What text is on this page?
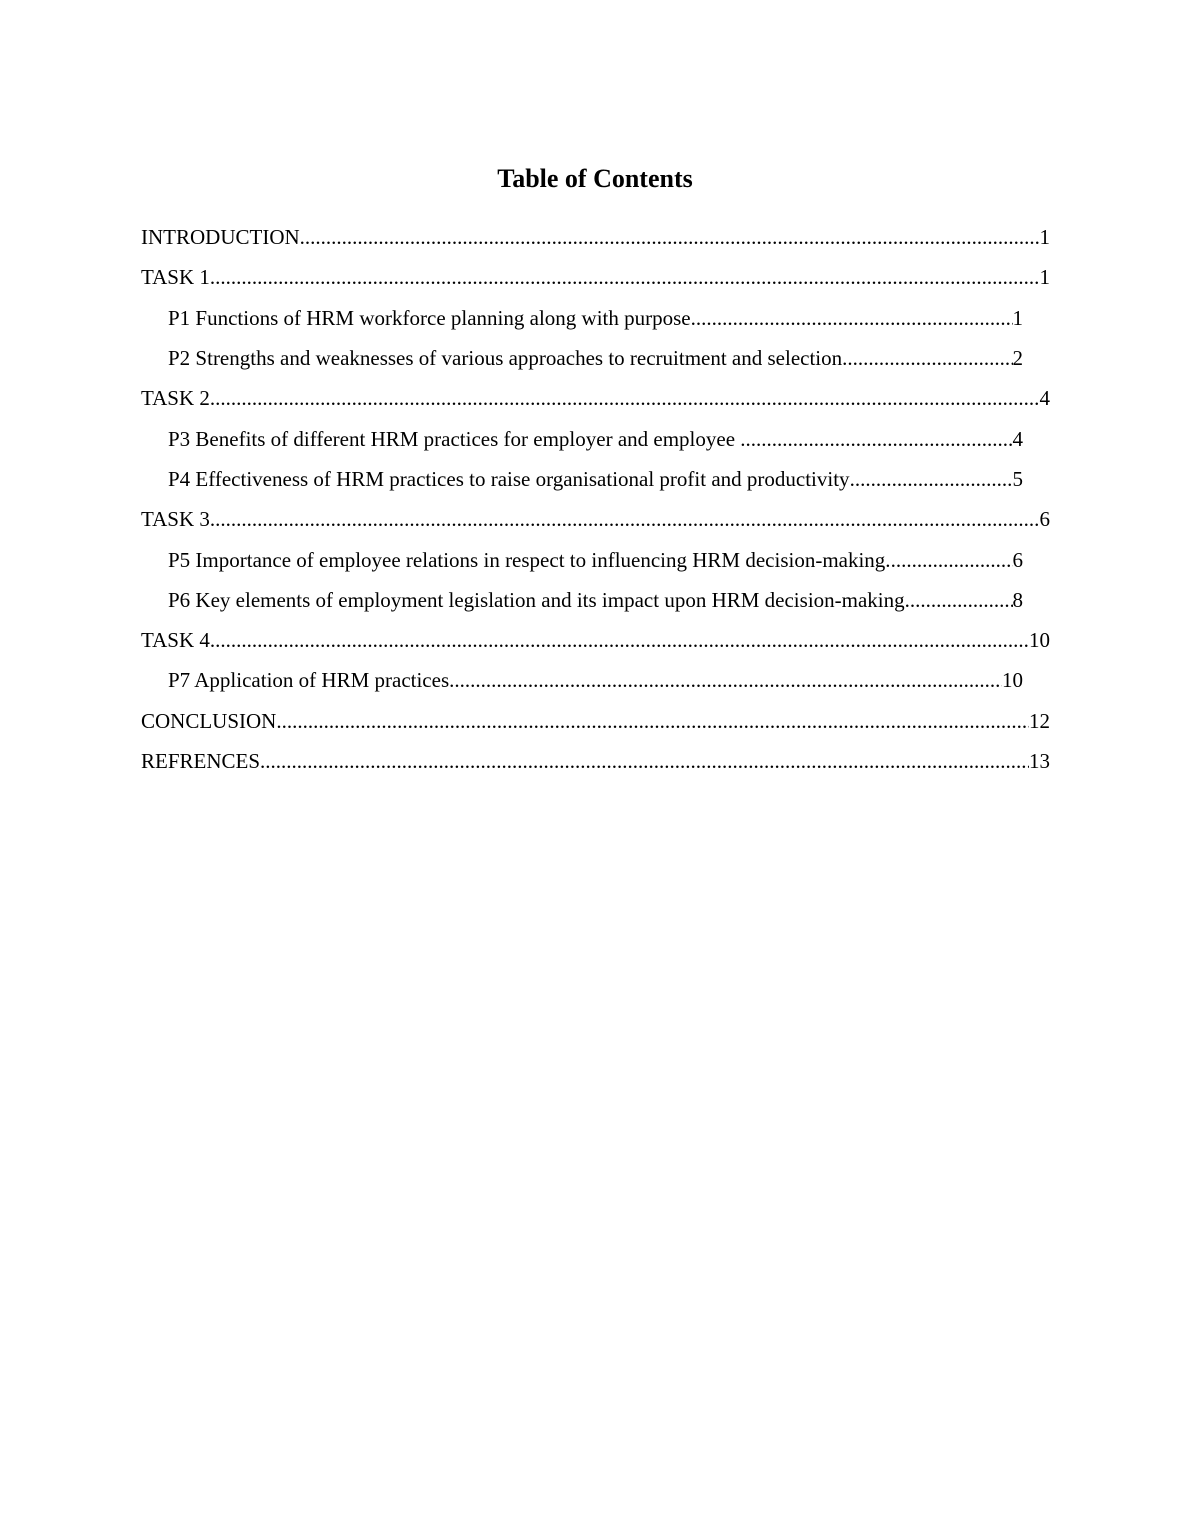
Table of Contents
INTRODUCTION .....	1
TASK 1 .....	1
P1 Functions of HRM workforce planning along with purpose .....	1
P2 Strengths and weaknesses of various approaches to recruitment and selection .....	2
TASK 2 .....	4
P3 Benefits of different HRM practices for employer and employee .....	4
P4 Effectiveness of HRM practices to raise organisational profit and productivity .....	5
TASK 3 .....	6
P5 Importance of employee relations in respect to influencing HRM decision-making. .....	6
P6 Key elements of employment legislation and its impact upon HRM decision-making .....	8
TASK 4 .....	10
P7 Application of HRM practices .....	10
CONCLUSION .....	12
REFRENCES .....	13
